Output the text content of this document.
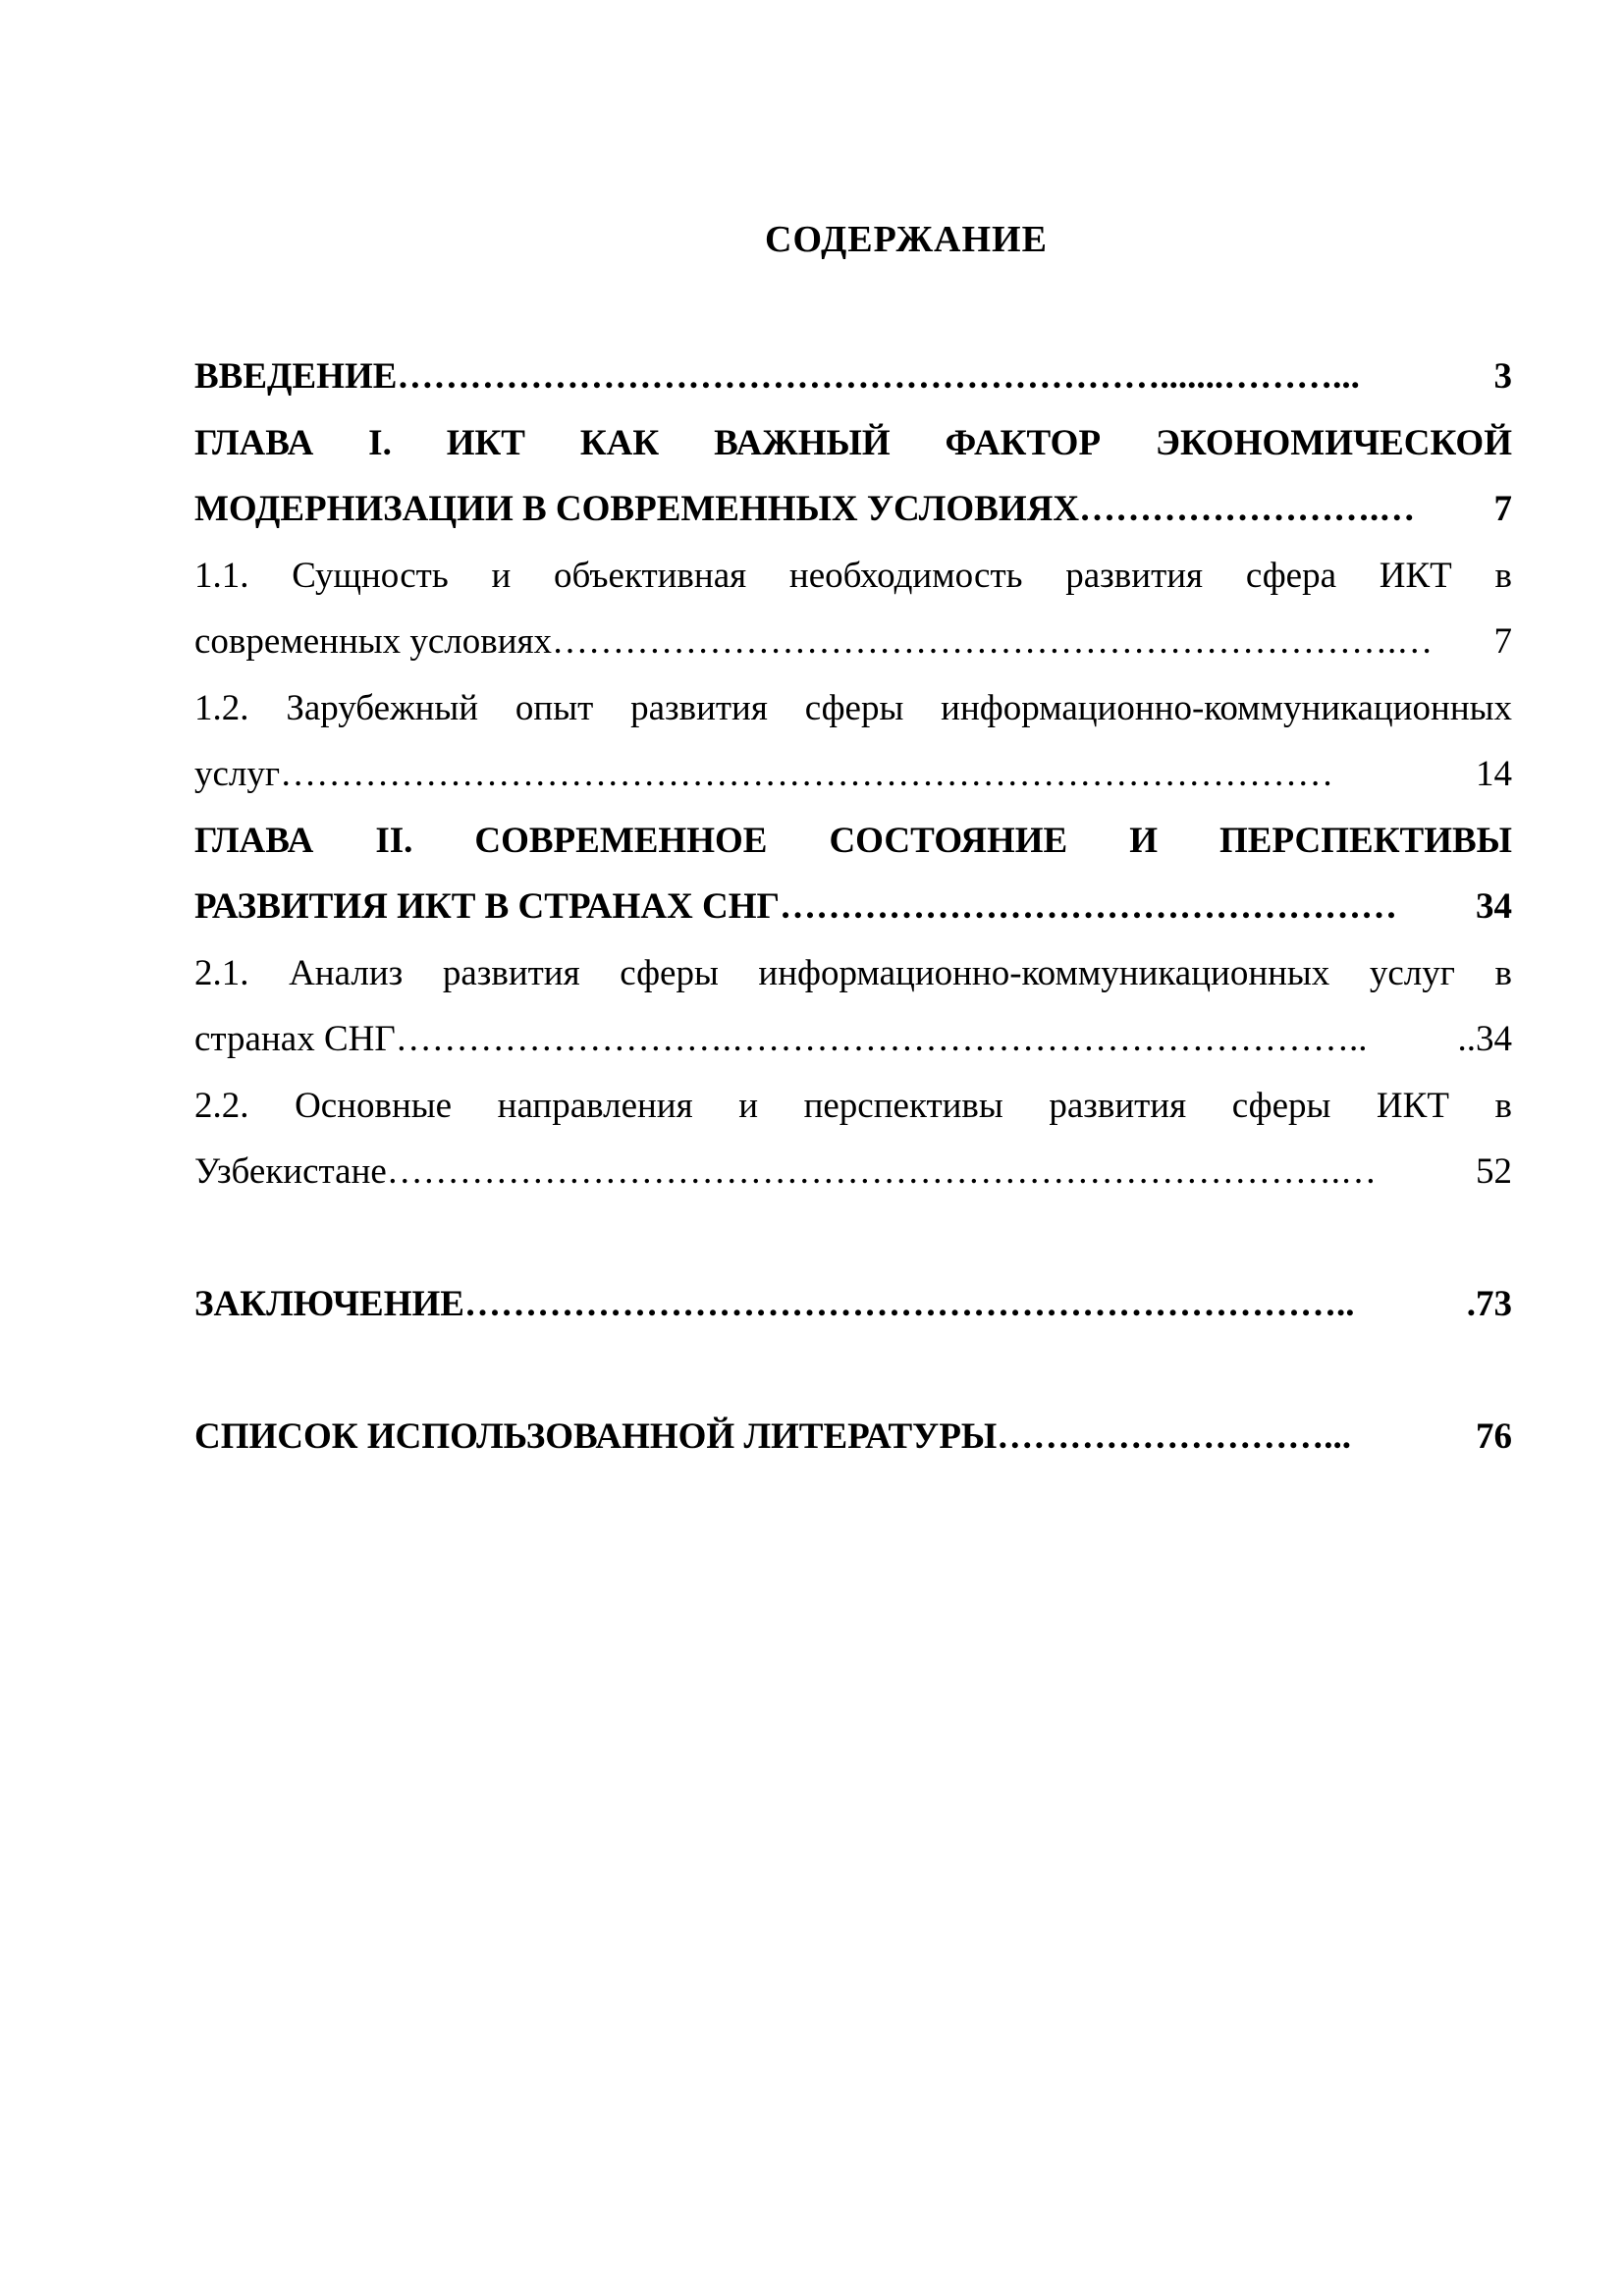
СОДЕРЖАНИЕ
ВВЕДЕНИЕ ……………………………………………………….......………...	3
ГЛАВА I. ИКТ КАК ВАЖНЫЙ ФАКТОР ЭКОНОМИЧЕСКОЙ
МОДЕРНИЗАЦИИ В СОВРЕМЕННЫХ УСЛОВИЯХ …………………….…	7
1.1. Сущность и объективная необходимость развития сфера ИКТ в
современных условиях …………………………………………………………….…	7
1.2. Зарубежный опыт развития сферы информационно-коммуникационных
услуг ……………………………………………………………………………	14
ГЛАВА II. СОВРЕМЕННОЕ СОСТОЯНИЕ И ПЕРСПЕКТИВЫ
РАЗВИТИЯ ИКТ В СТРАНАХ СНГ ……………………………………………	34
2.1. Анализ развития сферы информационно-коммуникационных услуг в
странах СНГ ……………………….……………………………………………..	..34
2.2. Основные направления и перспективы развития сферы ИКТ в
Узбекистане …………………………………………………………………….…	52
ЗАКЛЮЧЕНИЕ ………………………………………………………………..	.73
СПИСОК ИСПОЛЬЗОВАННОЙ ЛИТЕРАТУРЫ ………………………...	76
